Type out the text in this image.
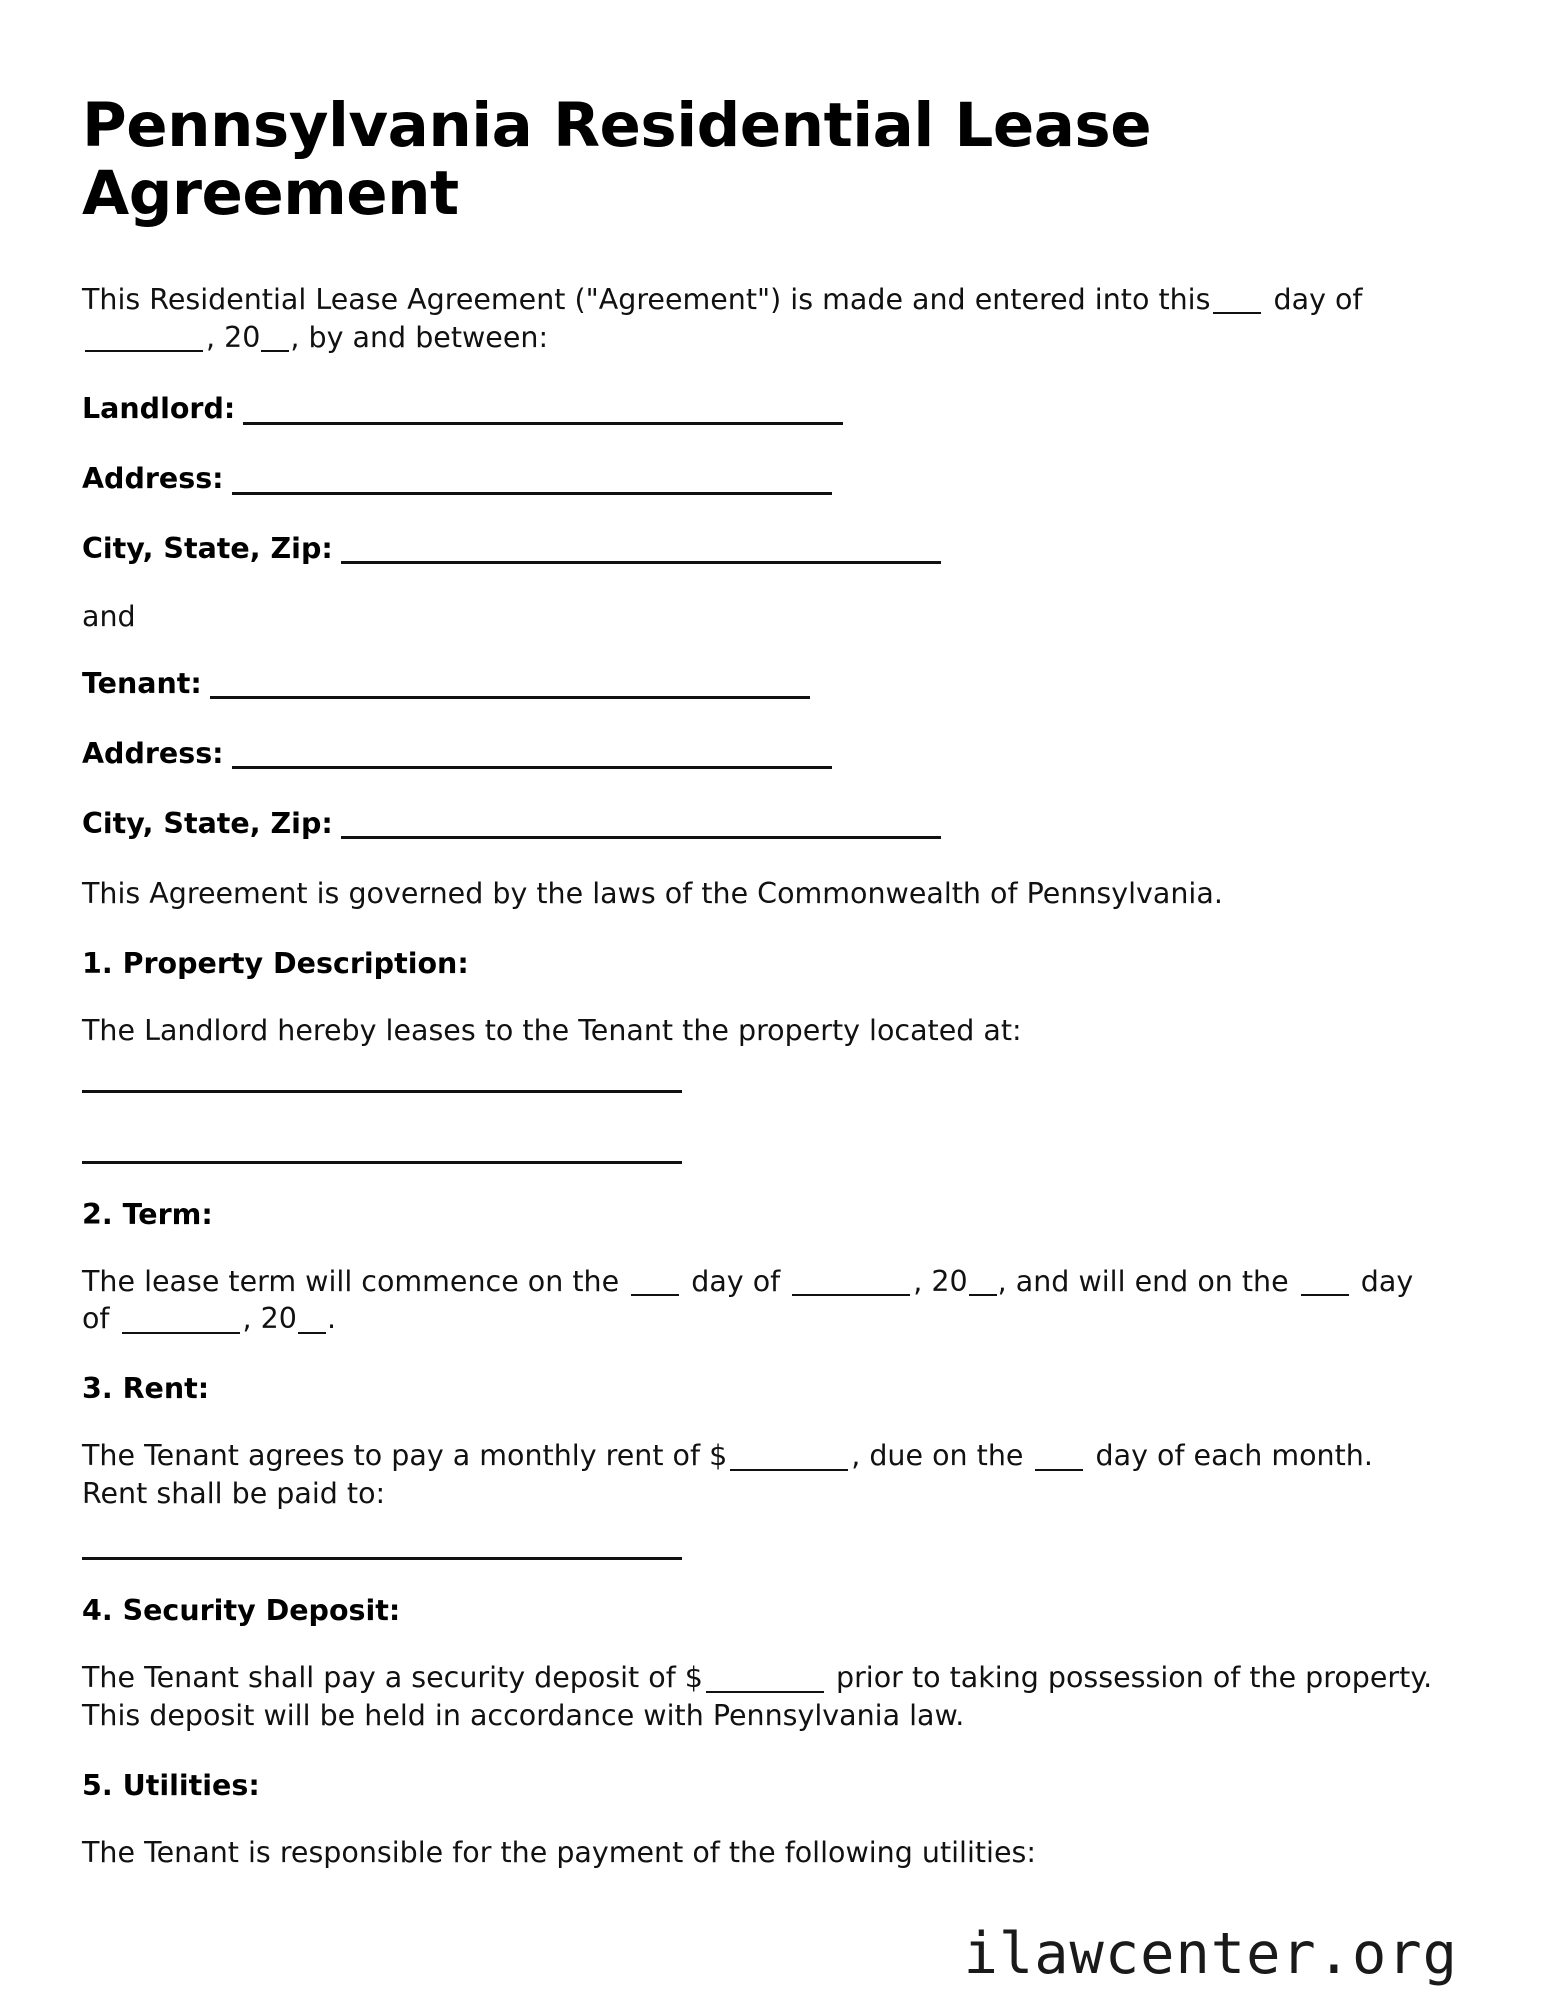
Pennsylvania Residential Lease Agreement

This Residential Lease Agreement ("Agreement") is made and entered into this day of , 20 , by and between:

Landlord:
Address:
City, State, Zip:

and

Tenant:
Address:
City, State, Zip:

This Agreement is governed by the laws of the Commonwealth of Pennsylvania.

1. Property Description:

The Landlord hereby leases to the Tenant the property located at:

2. Term:

The lease term will commence on the	day of	, 20 , and will end on the	day of	, 20 .

3. Rent:

The Tenant agrees to pay a monthly rent of $	, due on the	day of each month. Rent shall be paid to:

4. Security Deposit:

The Tenant shall pay a security deposit of $	prior to taking possession of the property. This deposit will be held in accordance with Pennsylvania law.

5. Utilities:

The Tenant is responsible for the payment of the following utilities:

ilawcenter.org
